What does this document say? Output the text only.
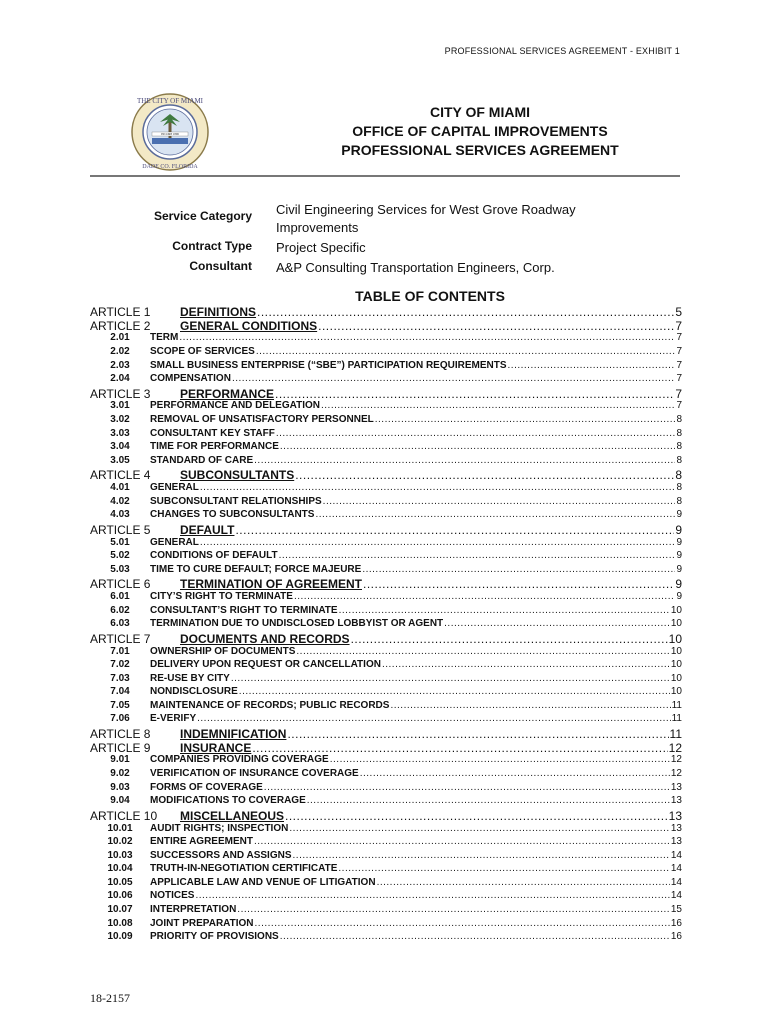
PROFESSIONAL SERVICES AGREEMENT - EXHIBIT 1
THE CITY OF MIAMI
DADE CO. FLORIDA
INCORP 1896
CITY OF MIAMI
OFFICE OF CAPITAL IMPROVEMENTS
PROFESSIONAL SERVICES AGREEMENT
Service Category	Civil Engineering Services for West Grove Roadway Improvements
Contract Type	Project Specific
Consultant	A&P Consulting Transportation Engineers, Corp.
TABLE OF CONTENTS
ARTICLE 1	DEFINITIONS .....	5
ARTICLE 2	GENERAL CONDITIONS .....	7
2.01	TERM .....	7
2.02	SCOPE OF SERVICES .....	7
2.03	SMALL BUSINESS ENTERPRISE (“SBE”) PARTICIPATION REQUIREMENTS .....	7
2.04	COMPENSATION .....	7
ARTICLE 3	PERFORMANCE .....	7
3.01	PERFORMANCE AND DELEGATION .....	7
3.02	REMOVAL OF UNSATISFACTORY PERSONNEL .....	8
3.03	CONSULTANT KEY STAFF .....	8
3.04	TIME FOR PERFORMANCE .....	8
3.05	STANDARD OF CARE .....	8
ARTICLE 4	SUBCONSULTANTS .....	8
4.01	GENERAL .....	8
4.02	SUBCONSULTANT RELATIONSHIPS .....	8
4.03	CHANGES TO SUBCONSULTANTS .....	9
ARTICLE 5	DEFAULT .....	9
5.01	GENERAL .....	9
5.02	CONDITIONS OF DEFAULT .....	9
5.03	TIME TO CURE DEFAULT; FORCE MAJEURE .....	9
ARTICLE 6	TERMINATION OF AGREEMENT .....	9
6.01	CITY’S RIGHT TO TERMINATE .....	9
6.02	CONSULTANT’S RIGHT TO TERMINATE .....	10
6.03	TERMINATION DUE TO UNDISCLOSED LOBBYIST OR AGENT .....	10
ARTICLE 7	DOCUMENTS AND RECORDS .....	10
7.01	OWNERSHIP OF DOCUMENTS .....	10
7.02	DELIVERY UPON REQUEST OR CANCELLATION .....	10
7.03	RE-USE BY CITY .....	10
7.04	NONDISCLOSURE .....	10
7.05	MAINTENANCE OF RECORDS; PUBLIC RECORDS .....	11
7.06	E-VERIFY .....	11
ARTICLE 8	INDEMNIFICATION .....	11
ARTICLE 9	INSURANCE .....	12
9.01	COMPANIES PROVIDING COVERAGE .....	12
9.02	VERIFICATION OF INSURANCE COVERAGE .....	12
9.03	FORMS OF COVERAGE .....	13
9.04	MODIFICATIONS TO COVERAGE .....	13
ARTICLE 10	MISCELLANEOUS .....	13
10.01	AUDIT RIGHTS; INSPECTION .....	13
10.02	ENTIRE AGREEMENT .....	13
10.03	SUCCESSORS AND ASSIGNS .....	14
10.04	TRUTH-IN-NEGOTIATION CERTIFICATE .....	14
10.05	APPLICABLE LAW AND VENUE OF LITIGATION .....	14
10.06	NOTICES .....	14
10.07	INTERPRETATION .....	15
10.08	JOINT PREPARATION .....	16
10.09	PRIORITY OF PROVISIONS .....	16
18-2157
